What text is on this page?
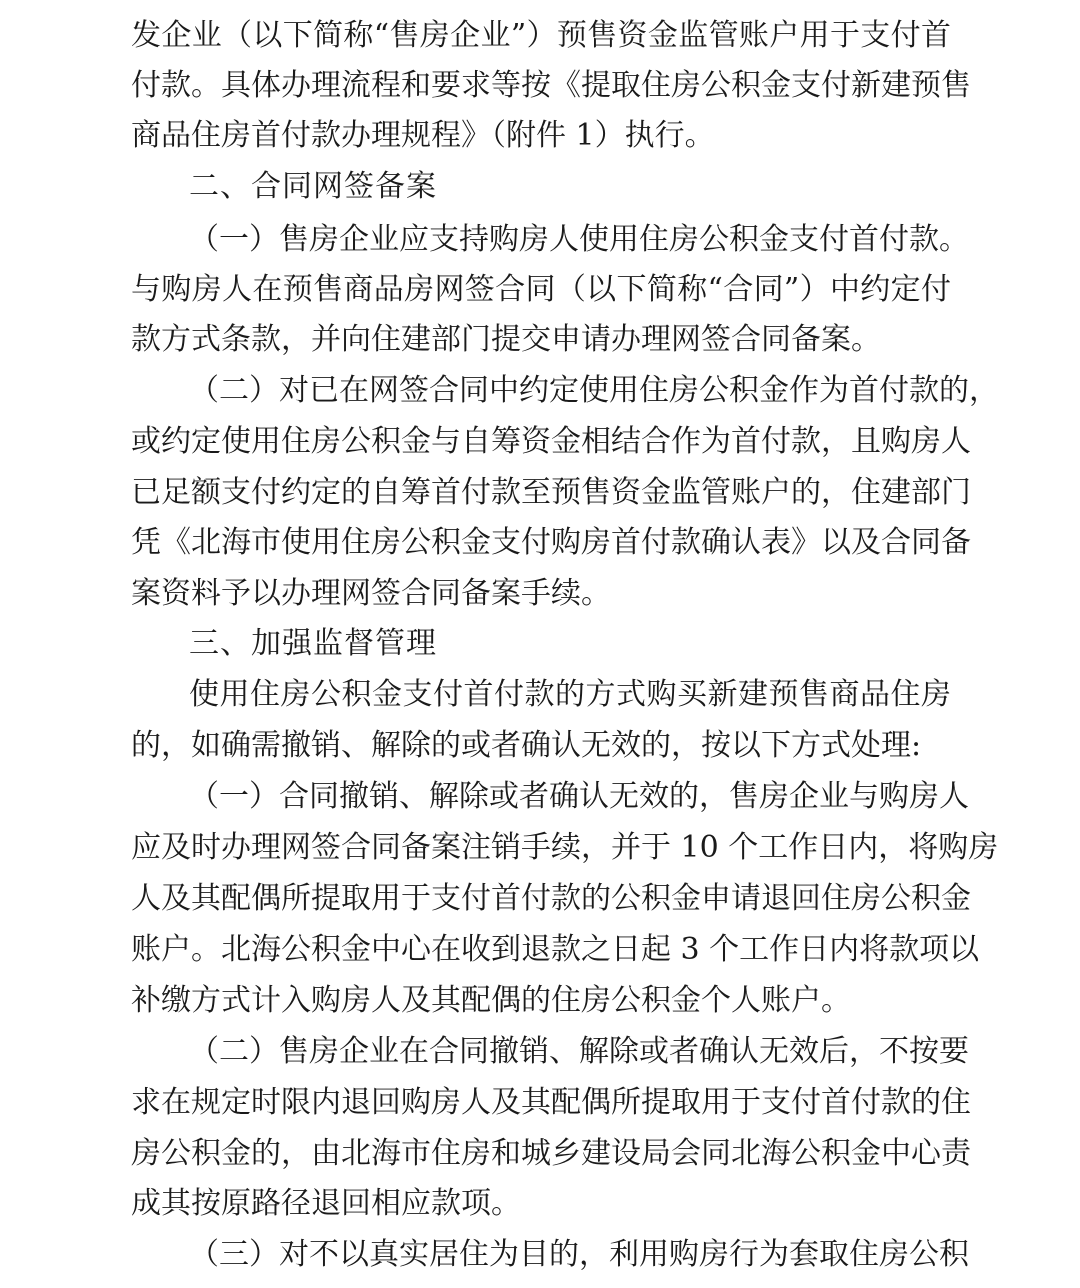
发企业（以下简称“售房企业”）预售资金监管账户用于支付首
付款。具体办理流程和要求等按《提取住房公积金支付新建预售
商品住房首付款办理规程》（附件 1）执行。
二、合同网签备案
（一）售房企业应支持购房人使用住房公积金支付首付款。
与购房人在预售商品房网签合同（以下简称“合同”）中约定付
款方式条款，并向住建部门提交申请办理网签合同备案。
（二）对已在网签合同中约定使用住房公积金作为首付款的，
或约定使用住房公积金与自筹资金相结合作为首付款，且购房人
已足额支付约定的自筹首付款至预售资金监管账户的，住建部门
凭《北海市使用住房公积金支付购房首付款确认表》以及合同备
案资料予以办理网签合同备案手续。
三、加强监督管理
使用住房公积金支付首付款的方式购买新建预售商品住房
的，如确需撤销、解除的或者确认无效的，按以下方式处理:
（一）合同撤销、解除或者确认无效的，售房企业与购房人
应及时办理网签合同备案注销手续，并于 10 个工作日内，将购房
人及其配偶所提取用于支付首付款的公积金申请退回住房公积金
账户。北海公积金中心在收到退款之日起 3 个工作日内将款项以
补缴方式计入购房人及其配偶的住房公积金个人账户。
（二）售房企业在合同撤销、解除或者确认无效后，不按要
求在规定时限内退回购房人及其配偶所提取用于支付首付款的住
房公积金的，由北海市住房和城乡建设局会同北海公积金中心责
成其按原路径退回相应款项。
（三）对不以真实居住为目的，利用购房行为套取住房公积
